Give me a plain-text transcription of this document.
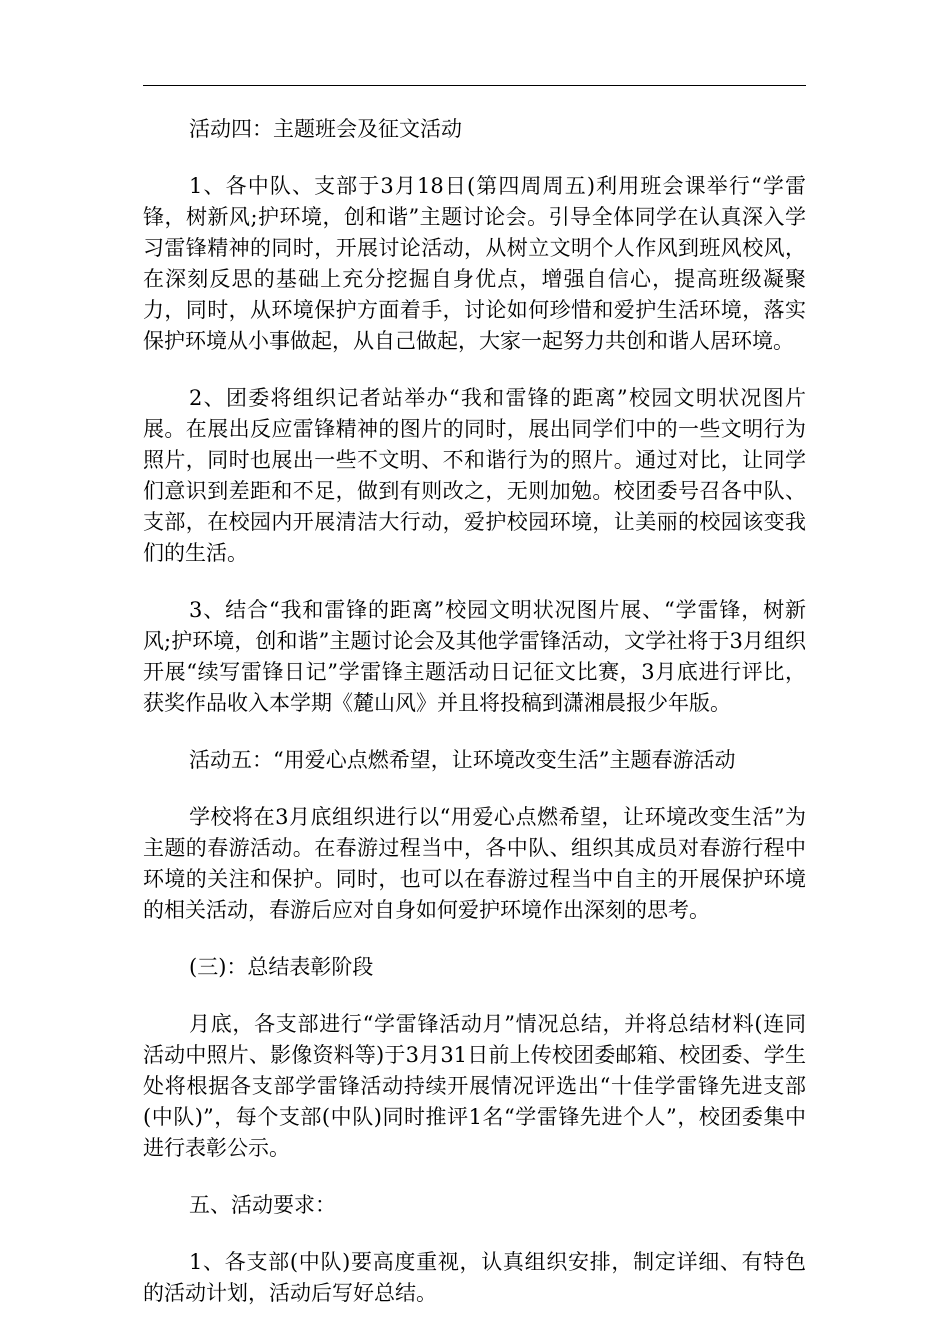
活动四：主题班会及征文活动

1、各中队、支部于3月18日(第四周周五)利用班会课举行“学雷锋，树新风;护环境，创和谐”主题讨论会。引导全体同学在认真深入学习雷锋精神的同时，开展讨论活动，从树立文明个人作风到班风校风，在深刻反思的基础上充分挖掘自身优点，增强自信心，提高班级凝聚力，同时，从环境保护方面着手，讨论如何珍惜和爱护生活环境，落实保护环境从小事做起，从自己做起，大家一起努力共创和谐人居环境。

2、团委将组织记者站举办“我和雷锋的距离”校园文明状况图片展。在展出反应雷锋精神的图片的同时，展出同学们中的一些文明行为照片，同时也展出一些不文明、不和谐行为的照片。通过对比，让同学们意识到差距和不足，做到有则改之，无则加勉。校团委号召各中队、支部，在校园内开展清洁大行动，爱护校园环境，让美丽的校园该变我们的生活。

3、结合“我和雷锋的距离”校园文明状况图片展、“学雷锋，树新风;护环境，创和谐”主题讨论会及其他学雷锋活动，文学社将于3月组织开展“续写雷锋日记”学雷锋主题活动日记征文比赛，3月底进行评比，获奖作品收入本学期《麓山风》并且将投稿到潇湘晨报少年版。

活动五：“用爱心点燃希望，让环境改变生活”主题春游活动

学校将在3月底组织进行以“用爱心点燃希望，让环境改变生活”为主题的春游活动。在春游过程当中，各中队、组织其成员对春游行程中环境的关注和保护。同时，也可以在春游过程当中自主的开展保护环境的相关活动，春游后应对自身如何爱护环境作出深刻的思考。

(三)：总结表彰阶段

月底，各支部进行“学雷锋活动月”情况总结，并将总结材料(连同活动中照片、影像资料等)于3月31日前上传校团委邮箱、校团委、学生处将根据各支部学雷锋活动持续开展情况评选出“十佳学雷锋先进支部(中队)”，每个支部(中队)同时推评1名“学雷锋先进个人”，校团委集中进行表彰公示。

五、活动要求：

1、各支部(中队)要高度重视，认真组织安排，制定详细、有特色的活动计划，活动后写好总结。
